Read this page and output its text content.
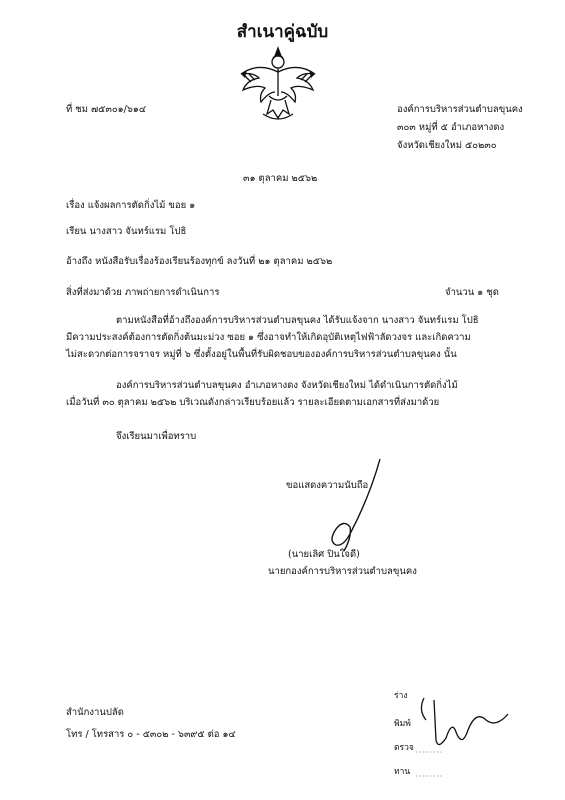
สำเนาคู่ฉบับ
ที่ ชม ๗๕๓๐๑/๖๑๔	องค์การบริหารส่วนตำบลขุนคง
๓๐๓ หมู่ที่ ๕ อำเภอหางดง
จังหวัดเชียงใหม่ ๕๐๒๓๐
๓๑ ตุลาคม ๒๕๖๒
เรื่อง แจ้งผลการตัดกิ่งไม้ ขอย ๑
เรียน นางสาว จันทร์แรม โปธิ
อ้างถึง หนังสือรับเรื่องร้องเรียนร้องทุกข์ ลงวันที่ ๒๑ ตุลาคม ๒๕๖๒
สิ่งที่ส่งมาด้วย ภาพถ่ายการดำเนินการ	จำนวน ๑ ชุด
ตามหนังสือที่อ้างถึงองค์การบริหารส่วนตำบลขุนคง ได้รับแจ้งจาก นางสาว จันทร์แรม โปธิ
มีความประสงค์ต้องการตัดกิ่งต้นมะม่วง ซอย ๑ ซึ่งอาจทำให้เกิดอุบัติเหตุไฟฟ้าลัดวงจร และเกิดความ
ไม่สะดวกต่อการจราจร หมู่ที่ ๖ ซึ่งตั้งอยู่ในพื้นที่รับผิดชอบขององค์การบริหารส่วนตำบลขุนคง นั้น
องค์การบริหารส่วนตำบลขุนคง อำเภอหางดง จังหวัดเชียงใหม่ ได้ดำเนินการตัดกิ่งไม้
เมื่อวันที่ ๓๐ ตุลาคม ๒๕๖๒ บริเวณดังกล่าวเรียบร้อยแล้ว รายละเอียดตามเอกสารที่ส่งมาด้วย
จึงเรียนมาเพื่อทราบ
ขอแสดงความนับถือ
(นายเลิศ ปินใจดี)
นายกองค์การบริหารส่วนตำบลขุนคง
สำนักงานปลัด
โทร / โทรสาร ๐ - ๕๓๐๒ - ๖๓๙๕ ต่อ ๑๔
ร่าง
พิมพ์
ตรวจ
ทาน
